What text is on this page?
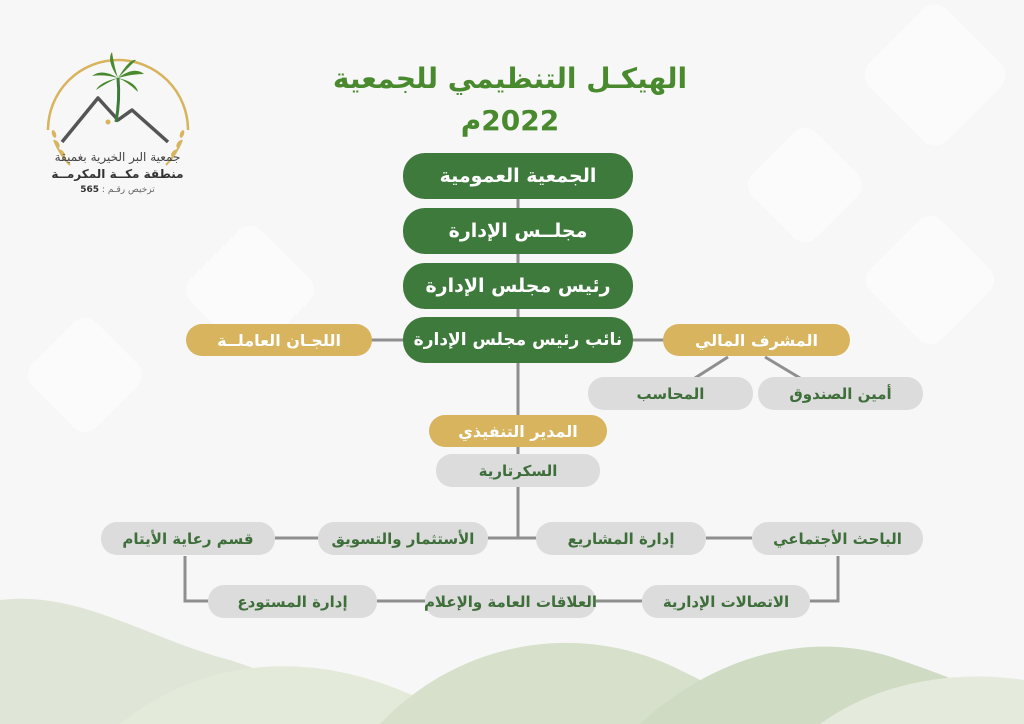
جمعية البر الخيرية بغميقة
منطقة مكــة المكرمــة
ترخيص رقـم : 565
الهيكـل التنظيمي للجمعية
2022م
الجمعية العمومية
مجلــس الإدارة
رئيس مجلس الإدارة
نائب رئيس مجلس الإدارة
اللجـان العاملــة	المشرف المالي
المحاسب	أمين الصندوق
المدير التنفيذي
السكرتارية
الباحث الأجتماعي
إدارة المشاريع
الأستثمار والتسويق
قسم رعاية الأيتام
الاتصالات الإدارية
العلاقات العامة والإعلام
إدارة المستودع
